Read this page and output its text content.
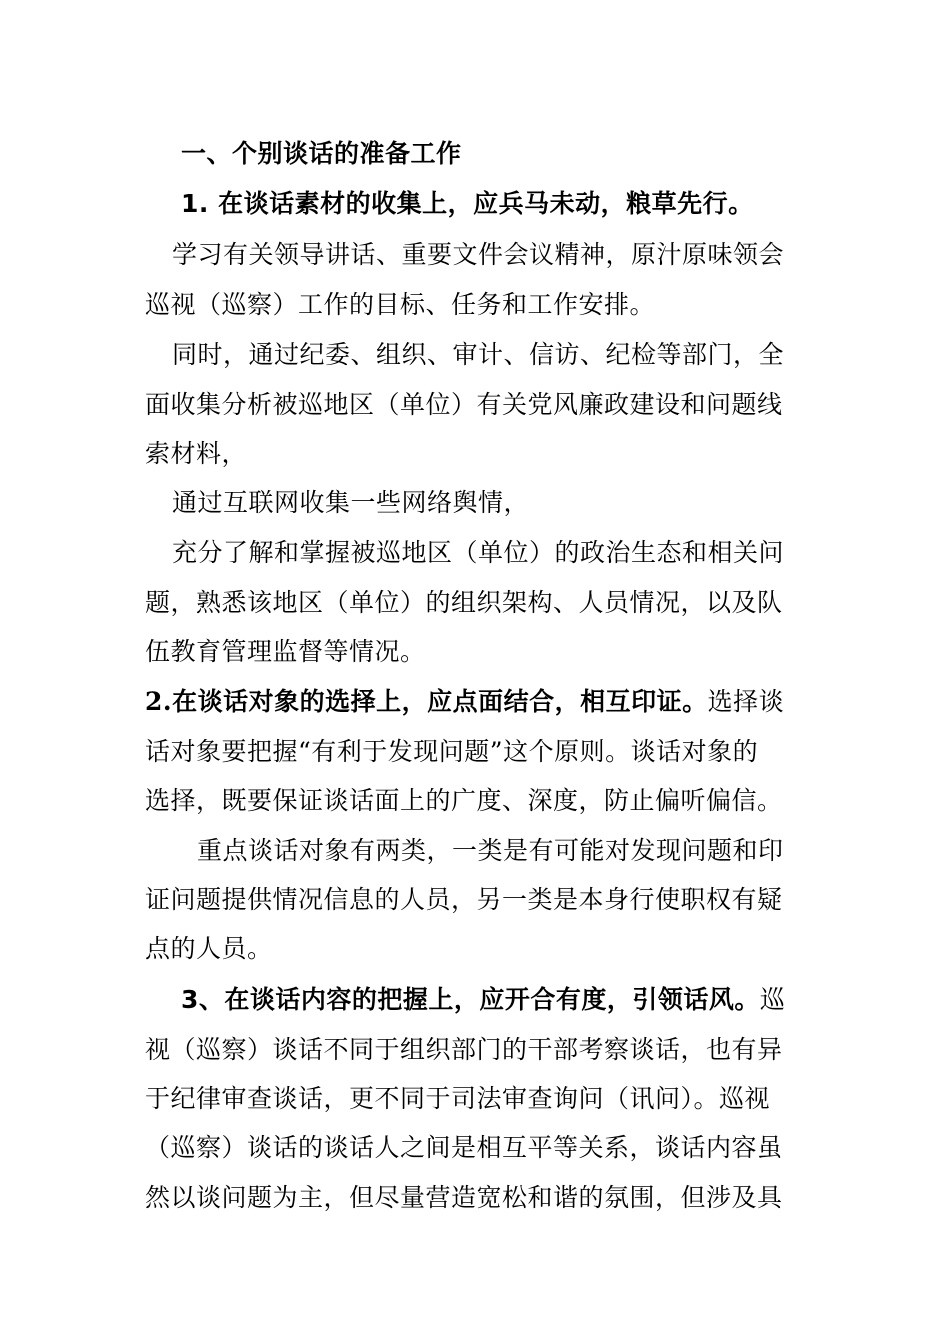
一、个别谈话的准备工作
1. 在谈话素材的收集上，应兵马未动，粮草先行。
学习有关领导讲话、重要文件会议精神，原汁原味领会
巡视（巡察）工作的目标、任务和工作安排。
同时，通过纪委、组织、审计、信访、纪检等部门，全
面收集分析被巡地区（单位）有关党风廉政建设和问题线
索材料，
通过互联网收集一些网络舆情，
充分了解和掌握被巡地区（单位）的政治生态和相关问
题，熟悉该地区（单位）的组织架构、人员情况，以及队
伍教育管理监督等情况。
2.在谈话对象的选择上，应点面结合，相互印证。选择谈
话对象要把握“有利于发现问题”这个原则。谈话对象的
选择，既要保证谈话面上的广度、深度，防止偏听偏信。
重点谈话对象有两类，一类是有可能对发现问题和印
证问题提供情况信息的人员，另一类是本身行使职权有疑
点的人员。
3、在谈话内容的把握上，应开合有度，引领话风。巡
视（巡察）谈话不同于组织部门的干部考察谈话，也有异
于纪律审查谈话，更不同于司法审查询问（讯问）。巡视
（巡察）谈话的谈话人之间是相互平等关系，谈话内容虽
然以谈问题为主，但尽量营造宽松和谐的氛围，但涉及具
